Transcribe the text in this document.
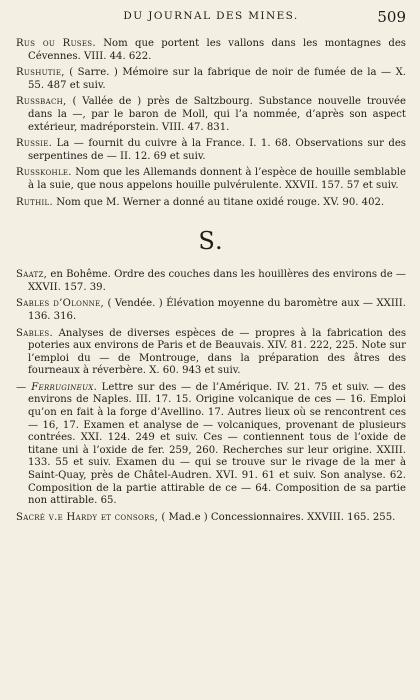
DU JOURNAL DES MINES.	509

Rus ou Ruses. Nom que portent les vallons dans les montagnes des Cévennes. VIII. 44. 622.

Rushutie, ( Sarre. ) Mémoire sur la fabrique de noir de fumée de la — X. 55. 487 et suiv.

Russbach, ( Vallée de ) près de Saltzbourg. Substance nouvelle trouvée dans la —, par le baron de Moll, qui l’a nommée, d’après son aspect extérieur, madréporstein. VIII. 47. 831.

Russie. La — fournit du cuivre à la France. I. 1. 68. Observations sur des serpentines de — II. 12. 69 et suiv.

Russkohle. Nom que les Allemands donnent à l’espèce de houille semblable à la suie, que nous appelons houille pulvérulente. XXVII. 157. 57 et suiv.

Ruthil. Nom que M. Werner a donné au titane oxidé rouge. XV. 90. 402.

S.

Saatz, en Bohême. Ordre des couches dans les houillères des environs de — XXVII. 157. 39.

Sables d’Olonne, ( Vendée. ) Élévation moyenne du baromètre aux — XXIII. 136. 316.

Sables. Analyses de diverses espèces de — propres à la fabrication des poteries aux environs de Paris et de Beauvais. XIV. 81. 222, 225. Note sur l’emploi du — de Montrouge, dans la préparation des âtres des fourneaux à réverbère. X. 60. 943 et suiv.

— Ferrugineux. Lettre sur des — de l’Amérique. IV. 21. 75 et suiv. — des environs de Naples. III. 17. 15. Origine volcanique de ces — 16. Emploi qu’on en fait à la forge d’Avellino. 17. Autres lieux où se rencontrent ces — 16, 17. Examen et analyse de — volcaniques, provenant de plusieurs contrées. XXI. 124. 249 et suiv. Ces — contiennent tous de l’oxide de titane uni à l’oxide de fer. 259, 260. Recherches sur leur origine. XXIII. 133. 55 et suiv. Examen du — qui se trouve sur le rivage de la mer à Saint-Quay, près de Châtel-Audren. XVI. 91. 61 et suiv. Son analyse. 62. Composition de la partie attirable de ce — 64. Composition de sa partie non attirable. 65.

Sacré v.e Hardy et consors, ( Mad.e ) Concessionnaires. XXVIII. 165. 255.
